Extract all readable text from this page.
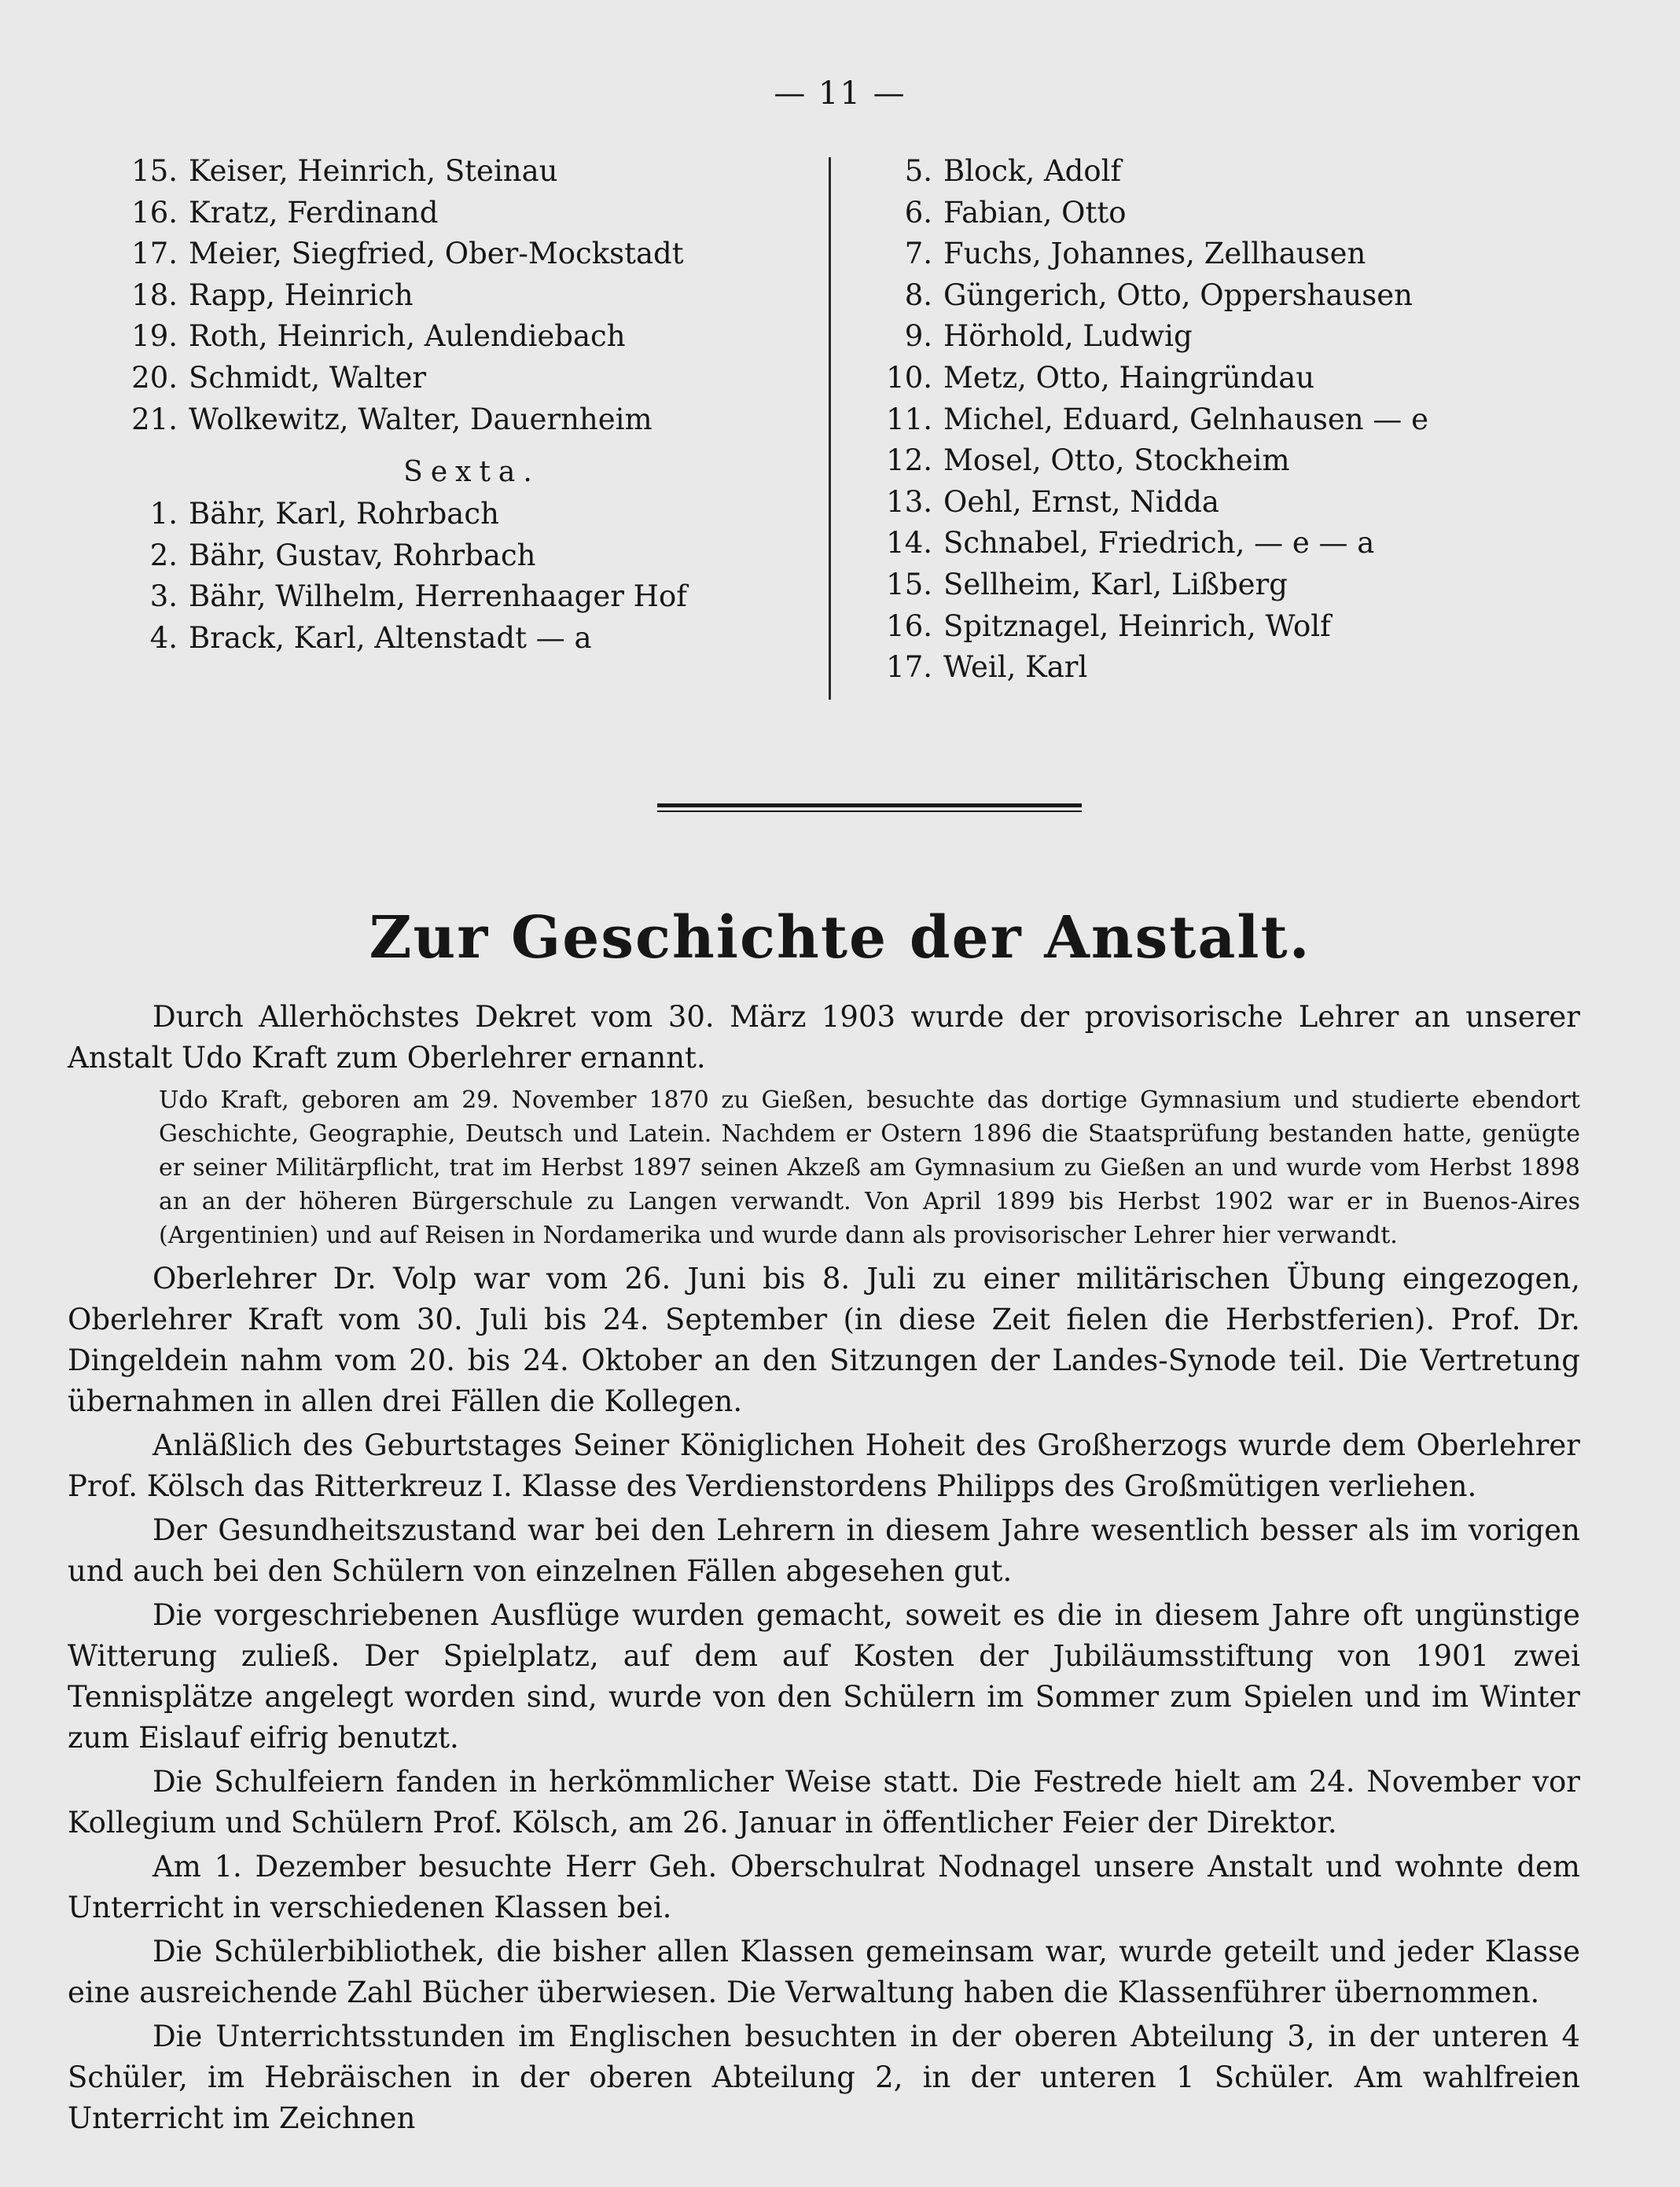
— 11 —
15. Keiser, Heinrich, Steinau
16. Kratz, Ferdinand
17. Meier, Siegfried, Ober-Mockstadt
18. Rapp, Heinrich
19. Roth, Heinrich, Aulendiebach
20. Schmidt, Walter
21. Wolkewitz, Walter, Dauernheim
Sexta.
1. Bähr, Karl, Rohrbach
2. Bähr, Gustav, Rohrbach
3. Bähr, Wilhelm, Herrenhaager Hof
4. Brack, Karl, Altenstadt — a
5. Block, Adolf
6. Fabian, Otto
7. Fuchs, Johannes, Zellhausen
8. Güngerich, Otto, Oppershausen
9. Hörhold, Ludwig
10. Metz, Otto, Haingründau
11. Michel, Eduard, Gelnhausen — e
12. Mosel, Otto, Stockheim
13. Oehl, Ernst, Nidda
14. Schnabel, Friedrich, — e — a
15. Sellheim, Karl, Lißberg
16. Spitznagel, Heinrich, Wolf
17. Weil, Karl
Zur Geschichte der Anstalt.

Durch Allerhöchstes Dekret vom 30. März 1903 wurde der provisorische Lehrer an unserer Anstalt Udo Kraft zum Oberlehrer ernannt.

Udo Kraft, geboren am 29. November 1870 zu Gießen, besuchte das dortige Gymnasium und studierte ebendort Geschichte, Geographie, Deutsch und Latein. Nachdem er Ostern 1896 die Staatsprüfung bestanden hatte, genügte er seiner Militärpflicht, trat im Herbst 1897 seinen Akzeß am Gymnasium zu Gießen an und wurde vom Herbst 1898 an an der höheren Bürgerschule zu Langen verwandt. Von April 1899 bis Herbst 1902 war er in Buenos-Aires (Argentinien) und auf Reisen in Nordamerika und wurde dann als provisorischer Lehrer hier verwandt.

Oberlehrer Dr. Volp war vom 26. Juni bis 8. Juli zu einer militärischen Übung eingezogen, Oberlehrer Kraft vom 30. Juli bis 24. September (in diese Zeit fielen die Herbstferien). Prof. Dr. Dingeldein nahm vom 20. bis 24. Oktober an den Sitzungen der Landes-Synode teil. Die Vertretung übernahmen in allen drei Fällen die Kollegen.

Anläßlich des Geburtstages Seiner Königlichen Hoheit des Großherzogs wurde dem Oberlehrer Prof. Kölsch das Ritterkreuz I. Klasse des Verdienstordens Philipps des Großmütigen verliehen.

Der Gesundheitszustand war bei den Lehrern in diesem Jahre wesentlich besser als im vorigen und auch bei den Schülern von einzelnen Fällen abgesehen gut.

Die vorgeschriebenen Ausflüge wurden gemacht, soweit es die in diesem Jahre oft ungünstige Witterung zuließ. Der Spielplatz, auf dem auf Kosten der Jubiläumsstiftung von 1901 zwei Tennisplätze angelegt worden sind, wurde von den Schülern im Sommer zum Spielen und im Winter zum Eislauf eifrig benutzt.

Die Schulfeiern fanden in herkömmlicher Weise statt. Die Festrede hielt am 24. November vor Kollegium und Schülern Prof. Kölsch, am 26. Januar in öffentlicher Feier der Direktor.

Am 1. Dezember besuchte Herr Geh. Oberschulrat Nodnagel unsere Anstalt und wohnte dem Unterricht in verschiedenen Klassen bei.

Die Schülerbibliothek, die bisher allen Klassen gemeinsam war, wurde geteilt und jeder Klasse eine ausreichende Zahl Bücher überwiesen. Die Verwaltung haben die Klassenführer übernommen.

Die Unterrichtsstunden im Englischen besuchten in der oberen Abteilung 3, in der unteren 4 Schüler, im Hebräischen in der oberen Abteilung 2, in der unteren 1 Schüler. Am wahlfreien Unterricht im Zeichnen
